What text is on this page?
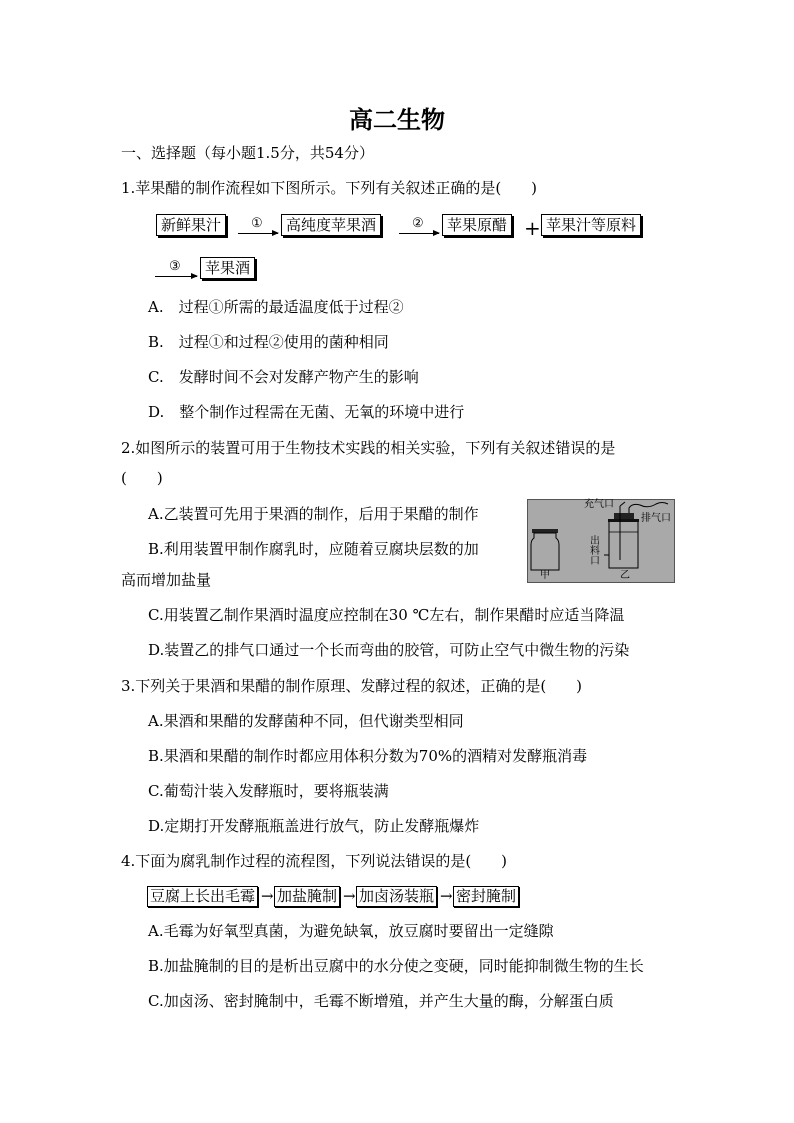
高二生物
一、选择题（每小题1.5分，共54分）
1.苹果醋的制作流程如下图所示。下列有关叙述正确的是(　　)
新鲜果汁	①	高纯度苹果酒	②	苹果原醋 + 苹果汁等原料
③	苹果酒
A.　过程①所需的最适温度低于过程②
B.　过程①和过程②使用的菌种相同
C.　发酵时间不会对发酵产物产生的影响
D.　整个制作过程需在无菌、无氧的环境中进行
2.如图所示的装置可用于生物技术实践的相关实验，下列有关叙述错误的是
(　　)
A.乙装置可先用于果酒的制作，后用于果醋的制作
B.利用装置甲制作腐乳时，应随着豆腐块层数的加
高而增加盐量
充气口
排气口
出料口
甲	乙
C.用装置乙制作果酒时温度应控制在30 ℃左右，制作果醋时应适当降温
D.装置乙的排气口通过一个长而弯曲的胶管，可防止空气中微生物的污染
3.下列关于果酒和果醋的制作原理、发酵过程的叙述，正确的是(　　)
A.果酒和果醋的发酵菌种不同，但代谢类型相同
B.果酒和果醋的制作时都应用体积分数为70%的酒精对发酵瓶消毒
C.葡萄汁装入发酵瓶时，要将瓶装满
D.定期打开发酵瓶瓶盖进行放气，防止发酵瓶爆炸
4.下面为腐乳制作过程的流程图，下列说法错误的是(　　)
豆腐上长出毛霉 → 加盐腌制 → 加卤汤装瓶 → 密封腌制
A.毛霉为好氧型真菌，为避免缺氧，放豆腐时要留出一定缝隙
B.加盐腌制的目的是析出豆腐中的水分使之变硬，同时能抑制微生物的生长
C.加卤汤、密封腌制中，毛霉不断增殖，并产生大量的酶，分解蛋白质
